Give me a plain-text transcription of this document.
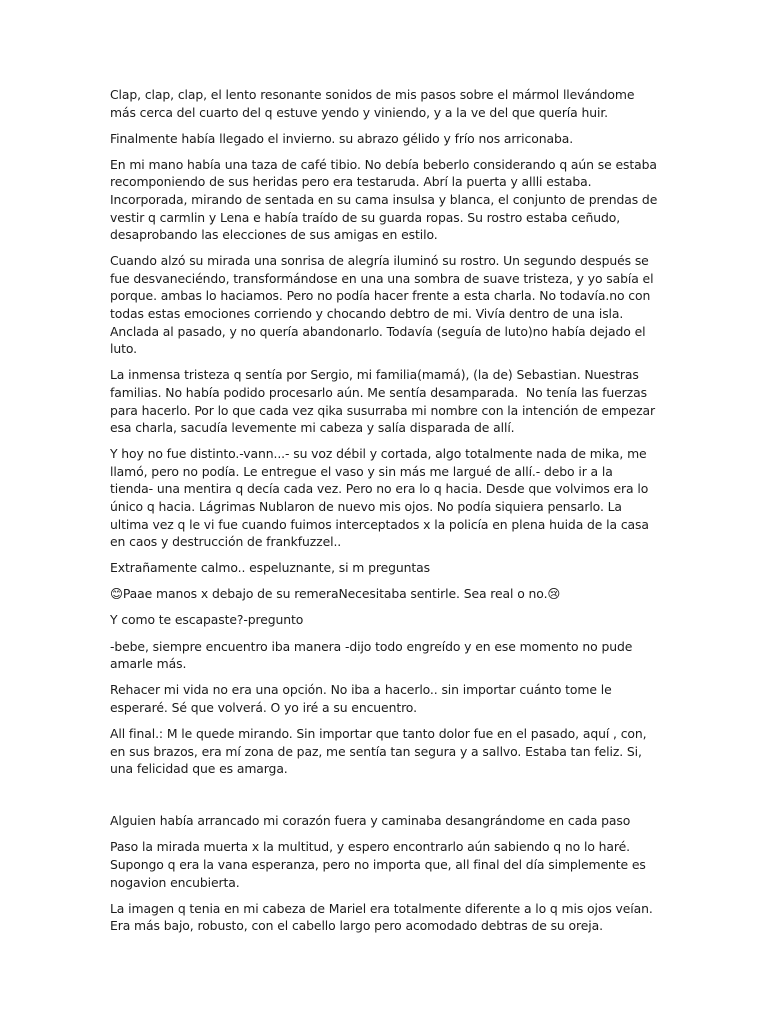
Clap, clap, clap, el lento resonante sonidos de mis pasos sobre el mármol llevándome más cerca del cuarto del q estuve yendo y viniendo, y a la ve del que quería huir.

Finalmente había llegado el invierno. su abrazo gélido y frío nos arriconaba.

En mi mano había una taza de café tibio. No debía beberlo considerando q aún se estaba recomponiendo de sus heridas pero era testaruda. Abrí la puerta y allli estaba. Incorporada, mirando de sentada en su cama insulsa y blanca, el conjunto de prendas de vestir q carmlin y Lena e había traído de su guarda ropas. Su rostro estaba ceñudo, desaprobando las elecciones de sus amigas en estilo.

Cuando alzó su mirada una sonrisa de alegría iluminó su rostro. Un segundo después se fue desvaneciéndo, transformándose en una una sombra de suave tristeza, y yo sabía el porque. ambas lo haciamos. Pero no podía hacer frente a esta charla. No todavía.no con todas estas emociones corriendo y chocando debtro de mi. Vivía dentro de una isla. Anclada al pasado, y no quería abandonarlo. Todavía (seguía de luto)no había dejado el luto.

La inmensa tristeza q sentía por Sergio, mi familia(mamá), (la de) Sebastian. Nuestras familias. No había podido procesarlo aún. Me sentía desamparada.  No tenía las fuerzas para hacerlo. Por lo que cada vez qika susurraba mi nombre con la intención de empezar esa charla, sacudía levemente mi cabeza y salía disparada de allí.

Y hoy no fue distinto.-vann...- su voz débil y cortada, algo totalmente nada de mika, me llamó, pero no podía. Le entregue el vaso y sin más me largué de allí.- debo ir a la tienda- una mentira q decía cada vez. Pero no era lo q hacia. Desde que volvimos era lo único q hacia. Lágrimas Nublaron de nuevo mis ojos. No podía siquiera pensarlo. La ultima vez q le vi fue cuando fuimos interceptados x la policía en plena huida de la casa en caos y destrucción de frankfuzzel..

Extrañamente calmo.. espeluznante, si m preguntas

😊Paae manos x debajo de su remeraNecesitaba sentirle. Sea real o no.😢

Y como te escapaste?-pregunto

-bebe, siempre encuentro iba manera -dijo todo engreído y en ese momento no pude amarle más.

Rehacer mi vida no era una opción. No iba a hacerlo.. sin importar cuánto tome le esperaré. Sé que volverá. O yo iré a su encuentro.

All final.: M le quede mirando. Sin importar que tanto dolor fue en el pasado, aquí , con, en sus brazos, era mí zona de paz, me sentía tan segura y a sallvo. Estaba tan feliz. Si, una felicidad que es amarga.

Alguien había arrancado mi corazón fuera y caminaba desangrándome en cada paso

Paso la mirada muerta x la multitud, y espero encontrarlo aún sabiendo q no lo haré. Supongo q era la vana esperanza, pero no importa que, all final del día simplemente es nogavion encubierta.

La imagen q tenia en mi cabeza de Mariel era totalmente diferente a lo q mis ojos veían. Era más bajo, robusto, con el cabello largo pero acomodado debtras de su oreja.
